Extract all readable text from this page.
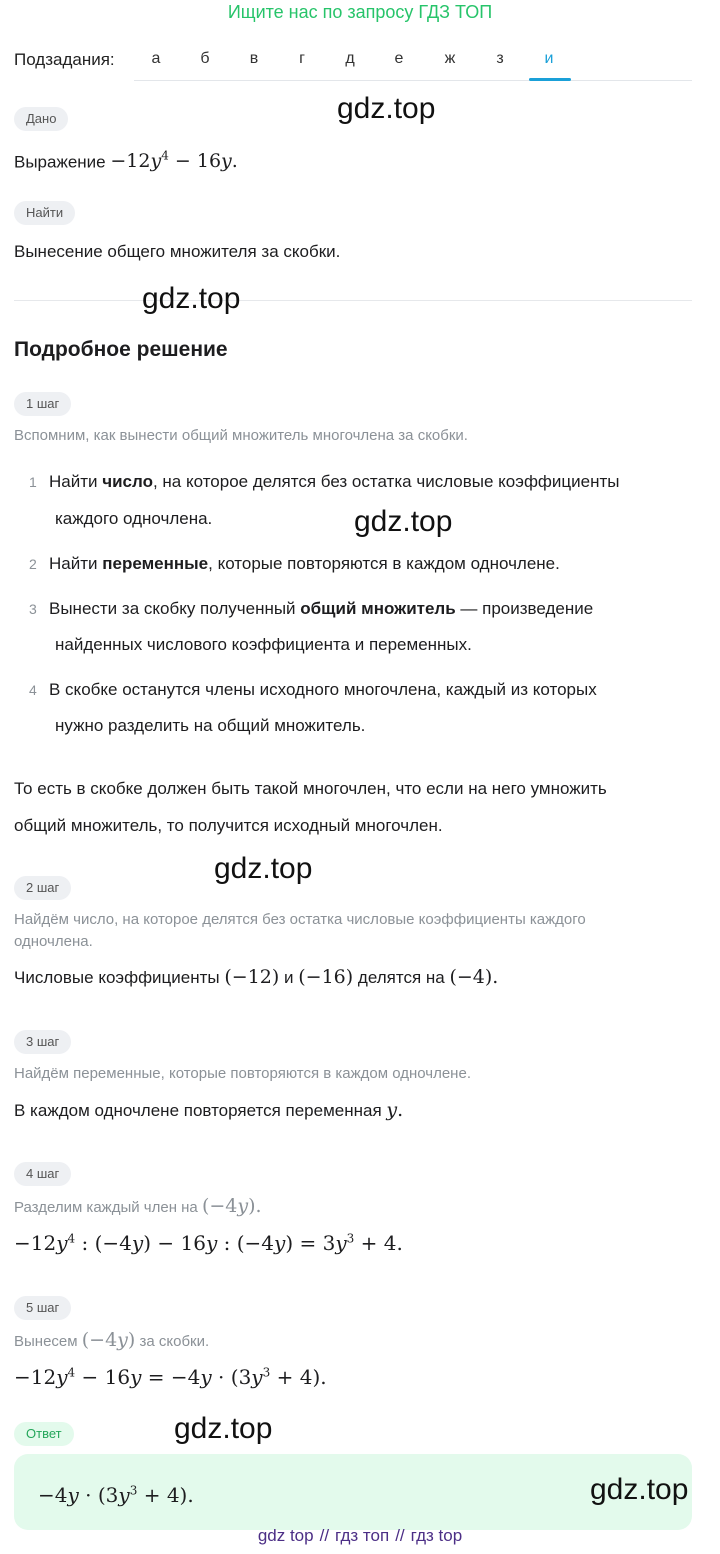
Ищите нас по запросу ГДЗ ТОП
Подзадания:	а	б	в	г	д	е	ж	з	и
Дано
Выражение $-12y^4 - 16y$.
Найти
Вынесение общего множителя за скобки.
Подробное решение
1 шаг
Вспомним, как вынести общий множитель многочлена за скобки.
1 Найти число, на которое делятся без остатка числовые коэффициенты
каждого одночлена.
2 Найти переменные, которые повторяются в каждом одночлене.
3 Вынести за скобку полученный общий множитель — произведение
найденных числового коэффициента и переменных.
4 В скобке останутся члены исходного многочлена, каждый из которых
нужно разделить на общий множитель.
То есть в скобке должен быть такой многочлен, что если на него умножить
общий множитель, то получится исходный многочлен.
2 шаг
Найдём число, на которое делятся без остатка числовые коэффициенты каждого
одночлена.
Числовые коэффициенты (−12) и (−16) делятся на (−4).
3 шаг
Найдём переменные, которые повторяются в каждом одночлене.
В каждом одночлене повторяется переменная y.
4 шаг
Разделим каждый член на (−4y).
$-12y^4$ : (−4y) − 16y : $(-4y) = 3y^3 + 4$.
5 шаг
Вынесем (−4y) за скобки.
$-12y^4 - 16y = -4y \cdot (3y^3 + 4)$.
Ответ
$-4y \cdot (3y^3 + 4)$.
gdz.top
gdz.top
gdz.top
gdz.top
gdz.top
gdz.top
gdz top // гдз топ // гдз top
